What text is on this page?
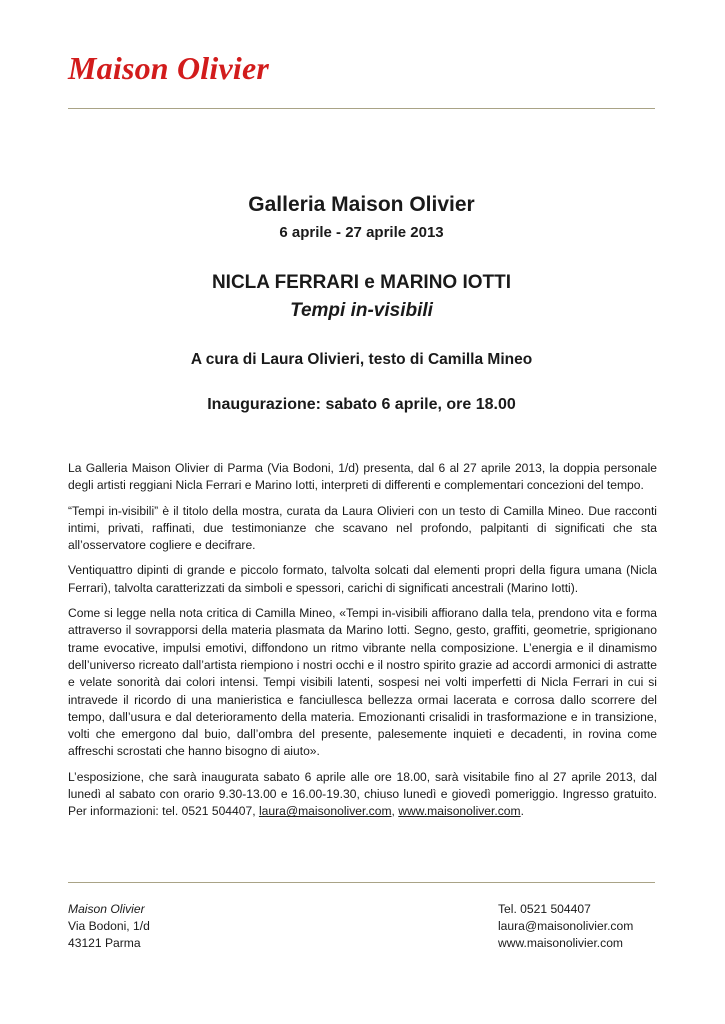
Maison Olivier
Galleria Maison Olivier
6 aprile - 27 aprile 2013
NICLA FERRARI e MARINO IOTTI
Tempi in-visibili
A cura di Laura Olivieri, testo di Camilla Mineo
Inaugurazione: sabato 6 aprile, ore 18.00

La Galleria Maison Olivier di Parma (Via Bodoni, 1/d) presenta, dal 6 al 27 aprile 2013, la doppia personale degli artisti reggiani Nicla Ferrari e Marino Iotti, interpreti di differenti e complementari concezioni del tempo.

“Tempi in-visibili” è il titolo della mostra, curata da Laura Olivieri con un testo di Camilla Mineo. Due racconti intimi, privati, raffinati, due testimonianze che scavano nel profondo, palpitanti di significati che sta all’osservatore cogliere e decifrare.

Ventiquattro dipinti di grande e piccolo formato, talvolta solcati dal elementi propri della figura umana (Nicla Ferrari), talvolta caratterizzati da simboli e spessori, carichi di significati ancestrali (Marino Iotti).

Come si legge nella nota critica di Camilla Mineo, «Tempi in-visibili affiorano dalla tela, prendono vita e forma attraverso il sovrapporsi della materia plasmata da Marino Iotti. Segno, gesto, graffiti, geometrie, sprigionano trame evocative, impulsi emotivi, diffondono un ritmo vibrante nella composizione. L’energia e il dinamismo dell’universo ricreato dall’artista riempiono i nostri occhi e il nostro spirito grazie ad accordi armonici di astratte e velate sonorità dai colori intensi. Tempi visibili latenti, sospesi nei volti imperfetti di Nicla Ferrari in cui si intravede il ricordo di una manieristica e fanciullesca bellezza ormai lacerata e corrosa dallo scorrere del tempo, dall’usura e dal deterioramento della materia. Emozionanti crisalidi in trasformazione e in transizione, volti che emergono dal buio, dall’ombra del presente, palesemente inquieti e decadenti, in rovina come affreschi scrostati che hanno bisogno di aiuto».

L’esposizione, che sarà inaugurata sabato 6 aprile alle ore 18.00, sarà visitabile fino al 27 aprile 2013, dal lunedì al sabato con orario 9.30-13.00 e 16.00-19.30, chiuso lunedì e giovedì pomeriggio. Ingresso gratuito. Per informazioni: tel. 0521 504407, laura@maisonoliver.com, www.maisonoliver.com.

Maison Olivier
Via Bodoni, 1/d
43121 Parma
Tel. 0521 504407
laura@maisonolivier.com
www.maisonolivier.com
